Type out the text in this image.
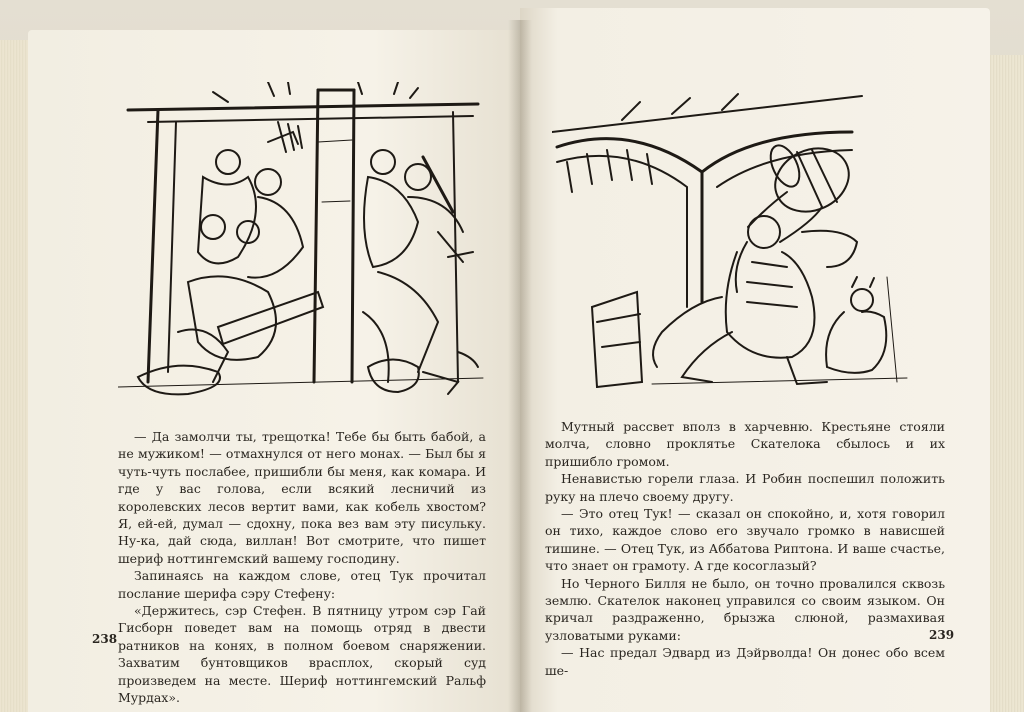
— Да замолчи ты, трещотка! Тебе бы быть бабой, а не мужиком! — отмахнулся от него монах. — Был бы я чуть-чуть послабее, пришибли бы меня, как комара. И где у вас голова, если всякий лесничий из королевских лесов вертит вами, как кобель хвостом? Я, ей-ей, думал — сдохну, пока вез вам эту писульку. Ну-ка, дай сюда, виллан! Вот смотрите, что пишет шериф ноттингемский вашему господину.

Запинаясь на каждом слове, отец Тук прочитал послание шерифа сэру Стефену:

«Держитесь, сэр Стефен. В пятницу утром сэр Гай Гисборн поведет вам на помощь отряд в двести ратников на конях, в полном боевом снаряжении. Захватим бунтовщиков врасплох, скорый суд произведем на месте. Шериф ноттингемский Ральф Мурдах».

238

Мутный рассвет вполз в харчевню. Крестьяне стояли молча, словно проклятье Скателока сбылось и их пришибло громом.

Ненавистью горели глаза. И Робин поспешил положить руку на плечо своему другу.

— Это отец Тук! — сказал он спокойно, и, хотя говорил он тихо, каждое слово его звучало громко в нависшей тишине. — Отец Тук, из Аббатова Риптона. И ваше счастье, что знает он грамоту. А где косоглазый?

Но Черного Билля не было, он точно провалился сквозь землю. Скателок наконец управился со своим языком. Он кричал раздраженно, брызжа слюной, размахивая узловатыми руками:

— Нас предал Эдвард из Дэйрволда! Он донес обо всем ше-

239
